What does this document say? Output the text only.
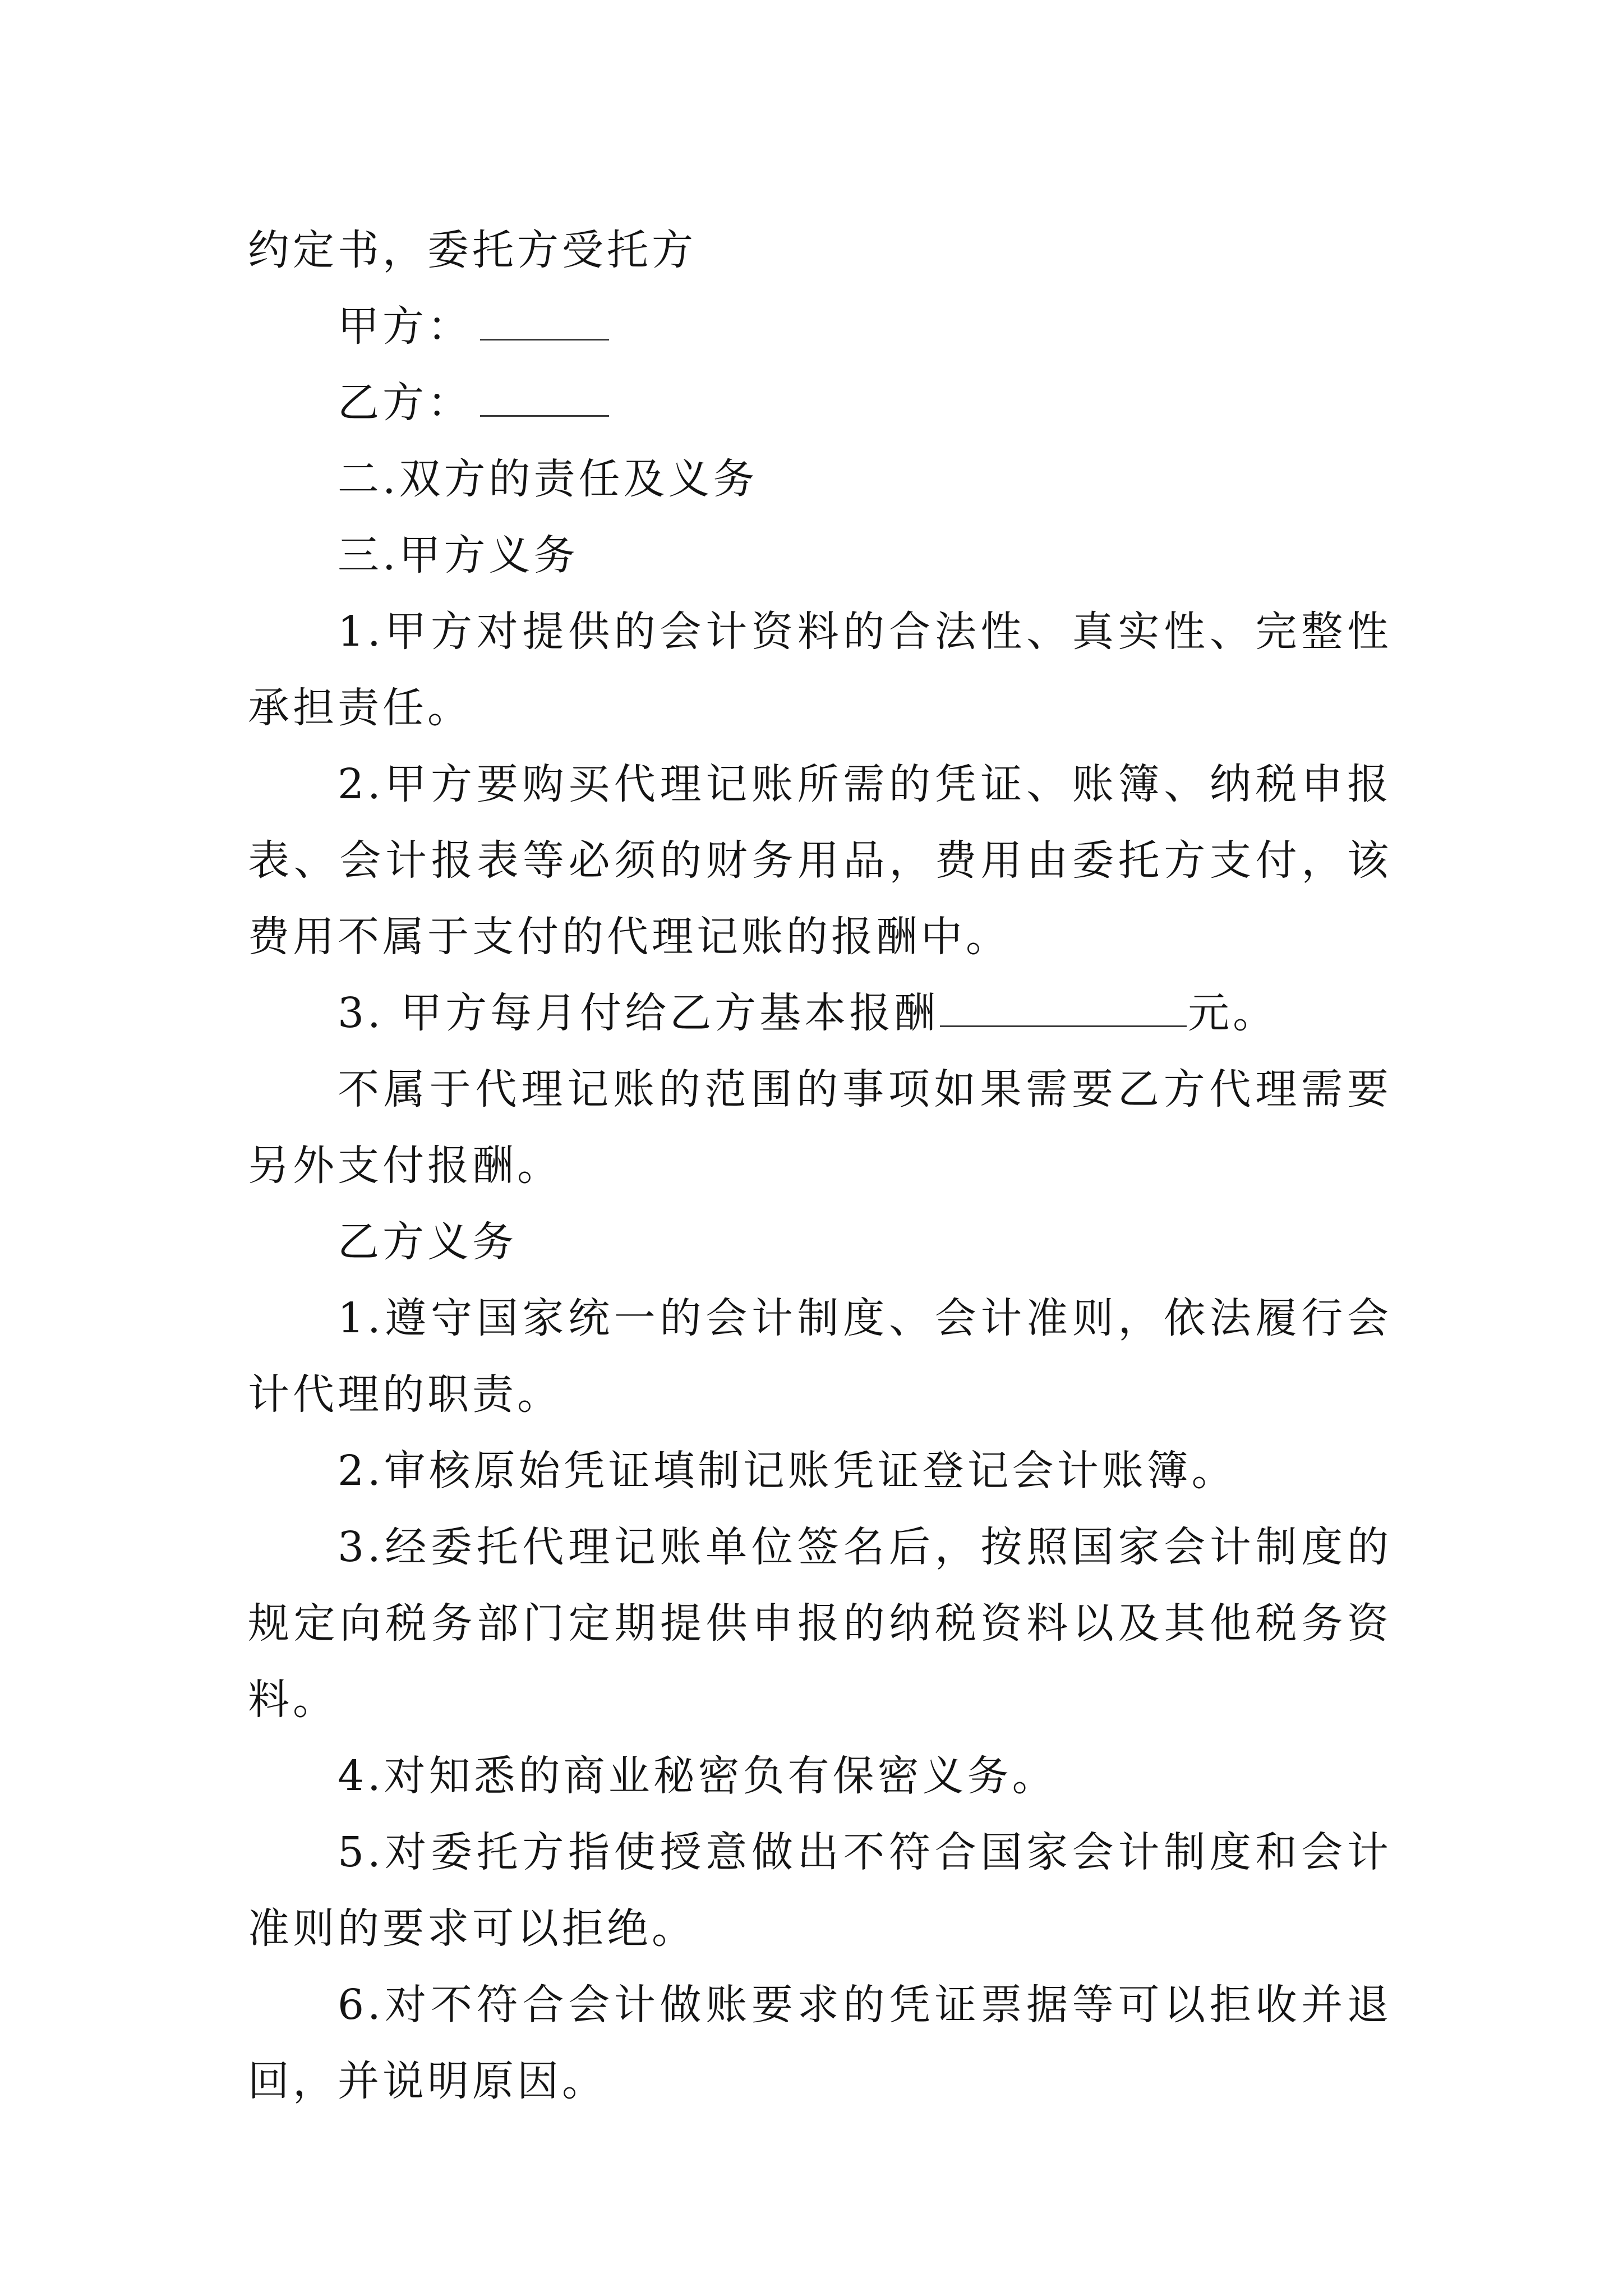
约定书，委托方受托方

甲方：

乙方：

二.双方的责任及义务

三.甲方义务

1.甲方对提供的会计资料的合法性、真实性、完整性承担责任。

2.甲方要购买代理记账所需的凭证、账簿、纳税申报表、会计报表等必须的财务用品，费用由委托方支付，该费用不属于支付的代理记账的报酬中。

3. 甲方每月付给乙方基本报酬	元。

不属于代理记账的范围的事项如果需要乙方代理需要另外支付报酬。

乙方义务

1.遵守国家统一的会计制度、会计准则，依法履行会计代理的职责。

2.审核原始凭证填制记账凭证登记会计账簿。

3.经委托代理记账单位签名后，按照国家会计制度的规定向税务部门定期提供申报的纳税资料以及其他税务资料。

4.对知悉的商业秘密负有保密义务。

5.对委托方指使授意做出不符合国家会计制度和会计准则的要求可以拒绝。

6.对不符合会计做账要求的凭证票据等可以拒收并退回，并说明原因。
